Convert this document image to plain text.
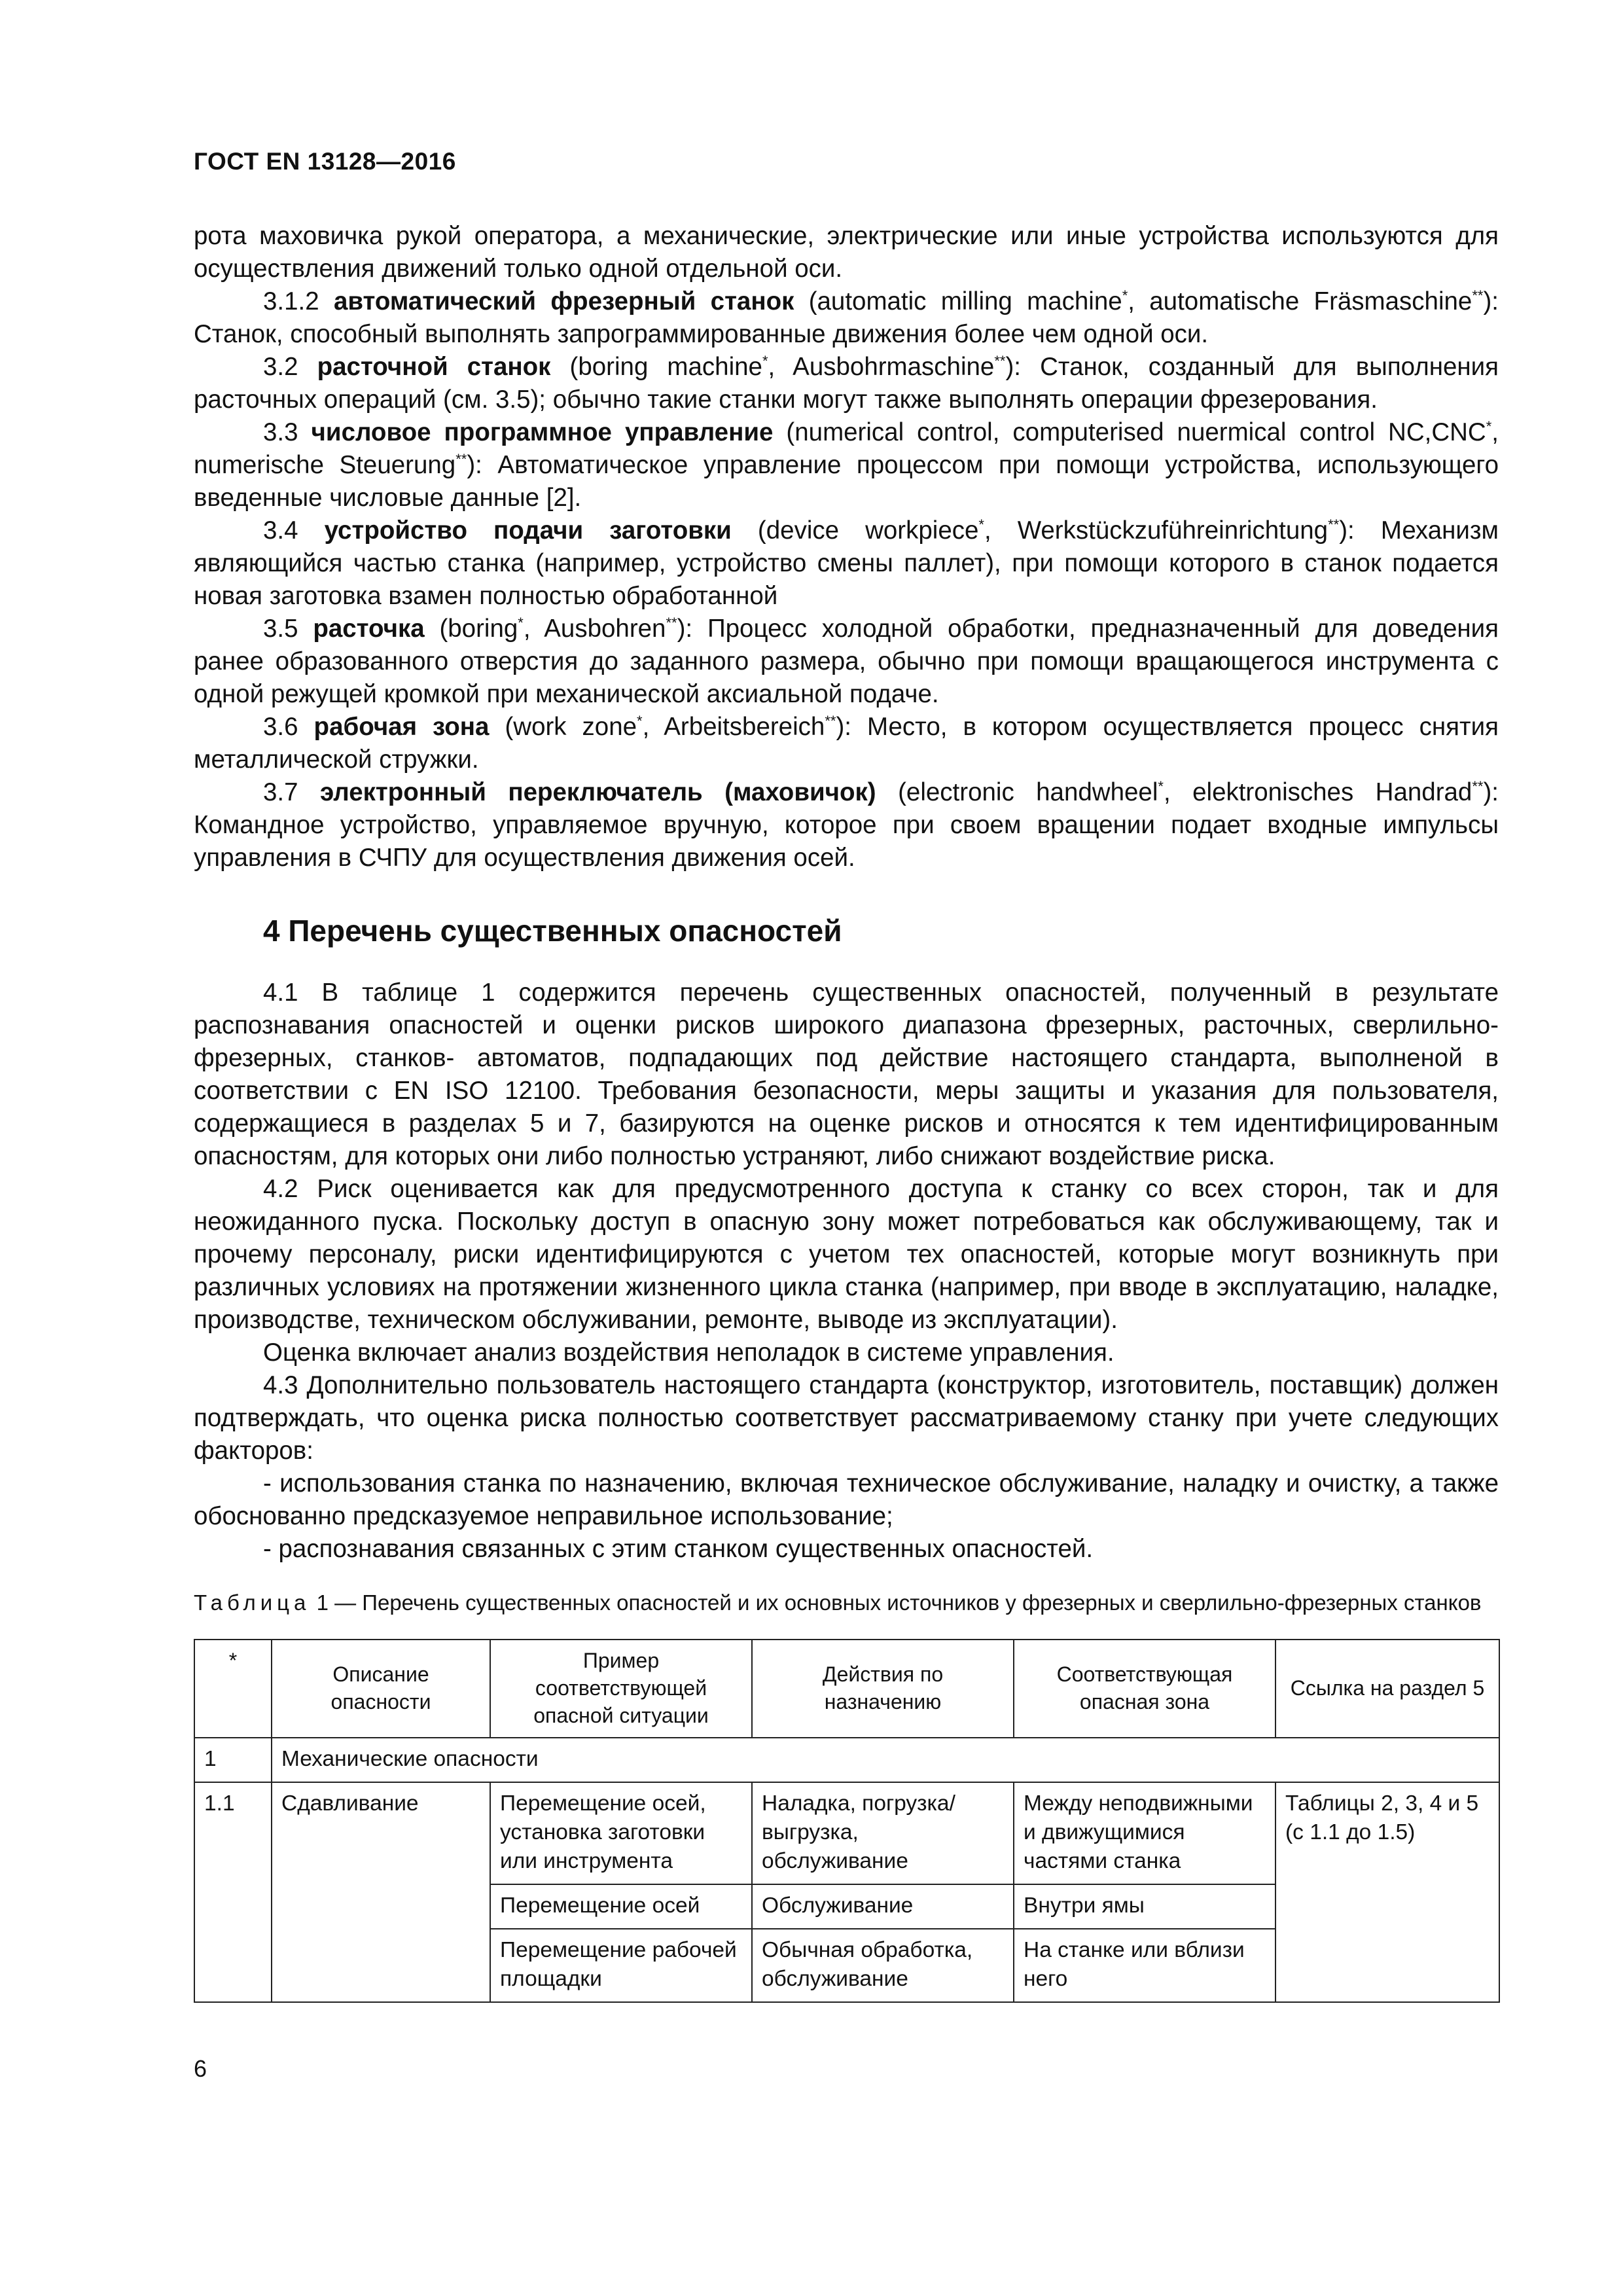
ГОСТ EN 13128—2016

рота маховичка рукой оператора, а механические, электрические или иные устройства используются для осуществления движений только одной отдельной оси.

3.1.2 автоматический фрезерный станок (automatic milling machine*, automatische Fräsmaschine**): Станок, способный выполнять запрограммированные движения более чем одной оси.

3.2 расточной станок (boring machine*, Ausbohrmaschine**): Станок, созданный для выполнения расточных операций (см. 3.5); обычно такие станки могут также выполнять операции фрезерования.

3.3 числовое программное управление (numerical control, computerised nuermical control NC,CNC*, numerische Steuerung**): Автоматическое управление процессом при помощи устройства, использующего введенные числовые данные [2].

3.4 устройство подачи заготовки (device workpiece*, Werkstückzuführeinrichtung**): Механизм являющийся частью станка (например, устройство смены паллет), при помощи которого в станок подается новая заготовка взамен полностью обработанной

3.5 расточка (boring*, Ausbohren**): Процесс холодной обработки, предназначенный для доведения ранее образованного отверстия до заданного размера, обычно при помощи вращающегося инструмента с одной режущей кромкой при механической аксиальной подаче.

3.6 рабочая зона (work zone*, Arbeitsbereich**): Место, в котором осуществляется процесс снятия металлической стружки.

3.7 электронный переключатель (маховичок) (electronic handwheel*, elektronisches Handrad**): Командное устройство, управляемое вручную, которое при своем вращении подает входные импульсы управления в СЧПУ для осуществления движения осей.

4 Перечень существенных опасностей

4.1 В таблице 1 содержится перечень существенных опасностей, полученный в результате распознавания опасностей и оценки рисков широкого диапазона фрезерных, расточных, сверлильно-фрезерных, станков- автоматов, подпадающих под действие настоящего стандарта, выполненой в соответствии с EN ISO 12100. Требования безопасности, меры защиты и указания для пользователя, содержащиеся в разделах 5 и 7, базируются на оценке рисков и относятся к тем идентифицированным опасностям, для которых они либо полностью устраняют, либо снижают воздействие риска.

4.2 Риск оценивается как для предусмотренного доступа к станку со всех сторон, так и для неожиданного пуска. Поскольку доступ в опасную зону может потребоваться как обслуживающему, так и прочему персоналу, риски идентифицируются с учетом тех опасностей, которые могут возникнуть при различных условиях на протяжении жизненного цикла станка (например, при вводе в эксплуатацию, наладке, производстве, техническом обслуживании, ремонте, выводе из эксплуатации).

Оценка включает анализ воздействия неполадок в системе управления.

4.3 Дополнительно пользователь настоящего стандарта (конструктор, изготовитель, поставщик) должен подтверждать, что оценка риска полностью соответствует рассматриваемому станку при учете следующих факторов:

- использования станка по назначению, включая техническое обслуживание, наладку и очистку, а также обоснованно предсказуемое неправильное использование;

- распознавания связанных с этим станком существенных опасностей.

Таблица 1 — Перечень существенных опасностей и их основных источников у фрезерных и сверлильно-фрезерных станков
*	Описание опасности	Пример соответствующей опасной ситуации	Действия по назначению	Соответствующая опасная зона	Ссылка на раздел 5
1	Механические опасности				
1.1	Сдавливание	Перемещение осей, установка заготовки или инструмента	Наладка, погрузка/ выгрузка, обслуживание	Между неподвижными и движущимися частями станка	Таблицы 2, 3, 4 и 5 (с 1.1 до 1.5)
		Перемещение осей	Обслуживание	Внутри ямы	
		Перемещение рабочей площадки	Обычная обработка, обслуживание	На станке или вблизи него	
6
